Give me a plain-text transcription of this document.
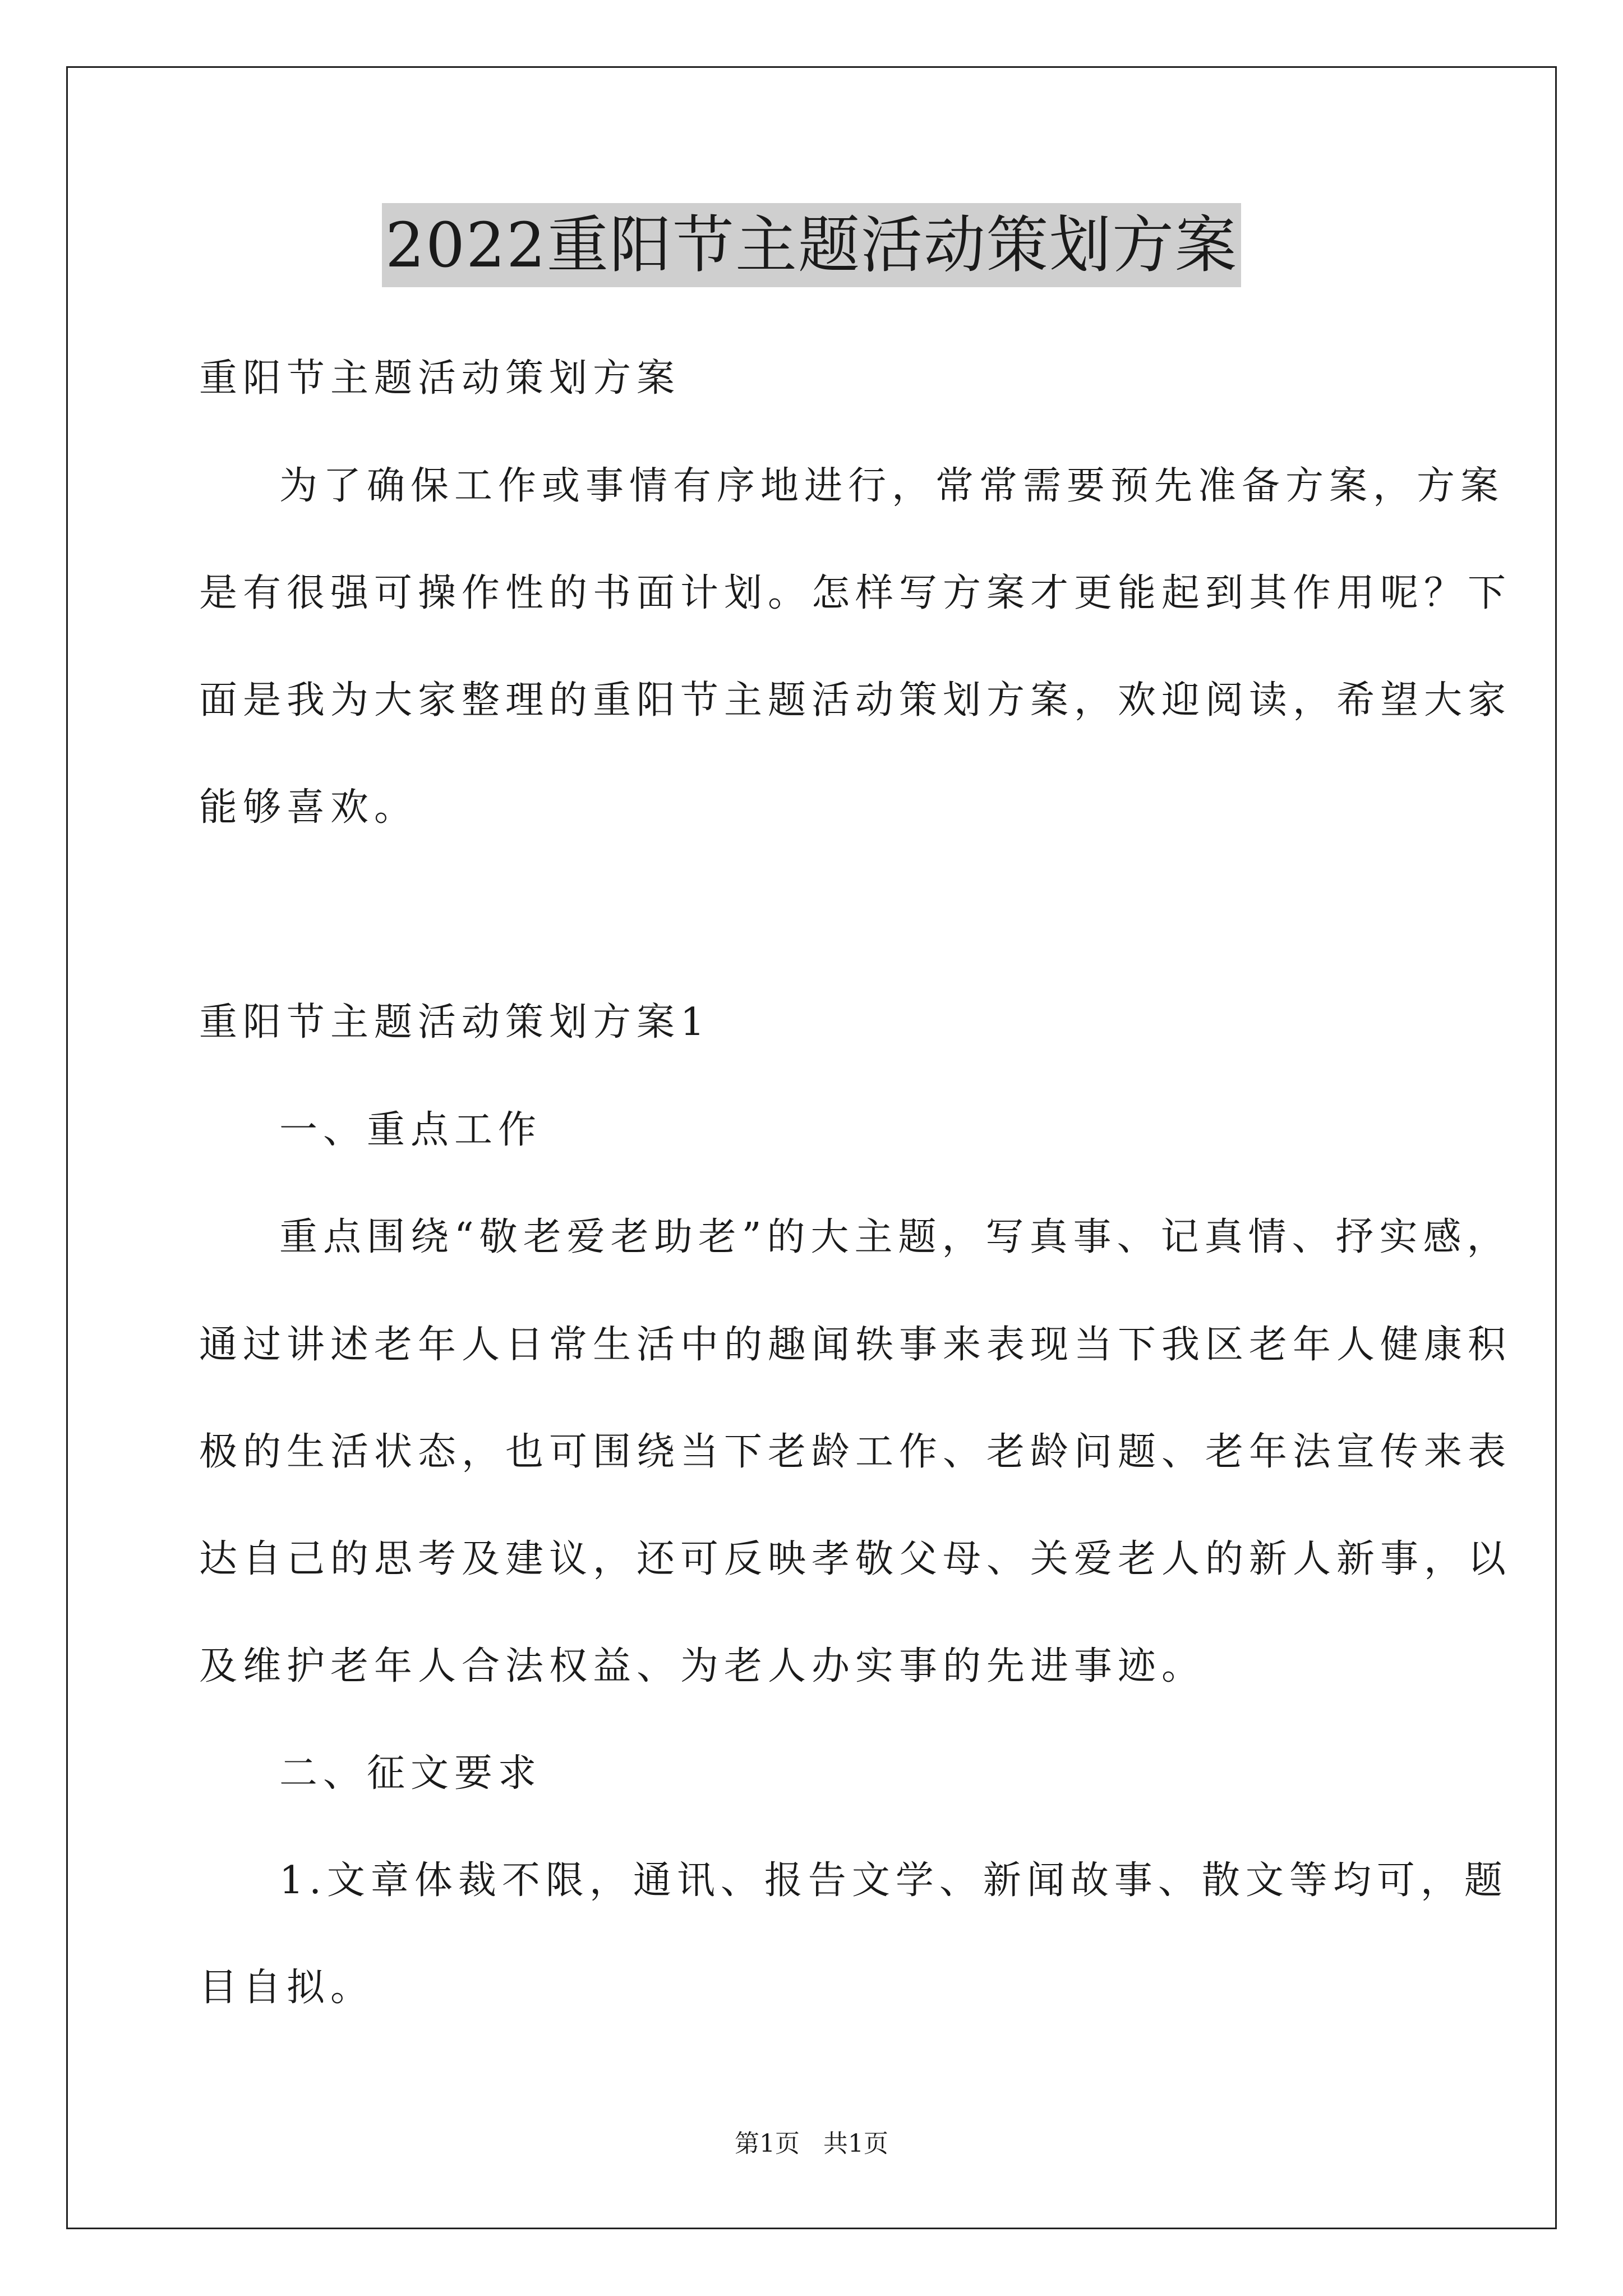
2022重阳节主题活动策划方案
重阳节主题活动策划方案
为了确保工作或事情有序地进行，常常需要预先准备方案，方案
是有很强可操作性的书面计划。怎样写方案才更能起到其作用呢？下
面是我为大家整理的重阳节主题活动策划方案，欢迎阅读，希望大家
能够喜欢。
重阳节主题活动策划方案1
一、重点工作
重点围绕“敬老爱老助老”的大主题，写真事、记真情、抒实感，
通过讲述老年人日常生活中的趣闻轶事来表现当下我区老年人健康积
极的生活状态，也可围绕当下老龄工作、老龄问题、老年法宣传来表
达自己的思考及建议，还可反映孝敬父母、关爱老人的新人新事，以
及维护老年人合法权益、为老人办实事的先进事迹。
二、征文要求
1.文章体裁不限，通讯、报告文学、新闻故事、散文等均可，题
目自拟。
第1页   共1页
